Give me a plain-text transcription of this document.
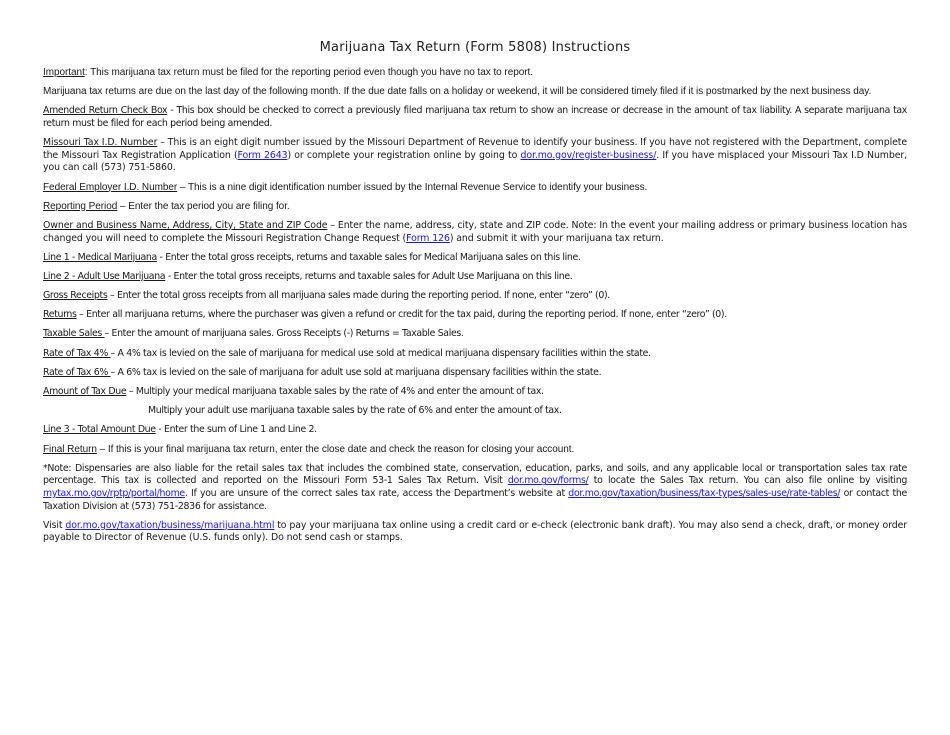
Marijuana Tax Return (Form 5808) Instructions

Important: This marijuana tax return must be filed for the reporting period even though you have no tax to report.

Marijuana tax returns are due on the last day of the following month. If the due date falls on a holiday or weekend, it will be considered timely filed if it is postmarked by the next business day.

Amended Return Check Box - This box should be checked to correct a previously filed marijuana tax return to show an increase or decrease in the amount of tax liability. A separate marijuana tax return must be filed for each period being amended.

Missouri Tax I.D. Number – This is an eight digit number issued by the Missouri Department of Revenue to identify your business. If you have not registered with the Department, complete the Missouri Tax Registration Application (Form 2643) or complete your registration online by going to dor.mo.gov/register-business/. If you have misplaced your Missouri Tax I.D Number, you can call (573) 751-5860.

Federal Employer I.D. Number – This is a nine digit identification number issued by the Internal Revenue Service to identify your business.

Reporting Period – Enter the tax period you are filing for.

Owner and Business Name, Address, City, State and ZIP Code – Enter the name, address, city, state and ZIP code. Note: In the event your mailing address or primary business location has changed you will need to complete the Missouri Registration Change Request (Form 126) and submit it with your marijuana tax return.

Line 1 - Medical Marijuana - Enter the total gross receipts, returns and taxable sales for Medical Marijuana sales on this line.

Line 2 - Adult Use Marijuana - Enter the total gross receipts, returns and taxable sales for Adult Use Marijuana on this line.

Gross Receipts – Enter the total gross receipts from all marijuana sales made during the reporting period. If none, enter “zero” (0).

Returns – Enter all marijuana returns, where the purchaser was given a refund or credit for the tax paid, during the reporting period. If none, enter “zero” (0).

Taxable Sales – Enter the amount of marijuana sales. Gross Receipts (-) Returns = Taxable Sales.

Rate of Tax 4% – A 4% tax is levied on the sale of marijuana for medical use sold at medical marijuana dispensary facilities within the state.

Rate of Tax 6% – A 6% tax is levied on the sale of marijuana for adult use sold at marijuana dispensary facilities within the state.

Amount of Tax Due – Multiply your medical marijuana taxable sales by the rate of 4% and enter the amount of tax.

Multiply your adult use marijuana taxable sales by the rate of 6% and enter the amount of tax.

Line 3 - Total Amount Due - Enter the sum of Line 1 and Line 2.

Final Return – If this is your final marijuana tax return, enter the close date and check the reason for closing your account.

*Note: Dispensaries are also liable for the retail sales tax that includes the combined state, conservation, education, parks, and soils, and any applicable local or transportation sales tax rate percentage. This tax is collected and reported on the Missouri Form 53-1 Sales Tax Return. Visit dor.mo.gov/forms/ to locate the Sales Tax return. You can also file online by visiting mytax.mo.gov/rptp/portal/home. If you are unsure of the correct sales tax rate, access the Department’s website at dor.mo.gov/taxation/business/tax-types/sales-use/rate-tables/ or contact the Taxation Division at (573) 751-2836 for assistance.

Visit dor.mo.gov/taxation/business/marijuana.html to pay your marijuana tax online using a credit card or e-check (electronic bank draft). You may also send a check, draft, or money order payable to Director of Revenue (U.S. funds only). Do not send cash or stamps.
